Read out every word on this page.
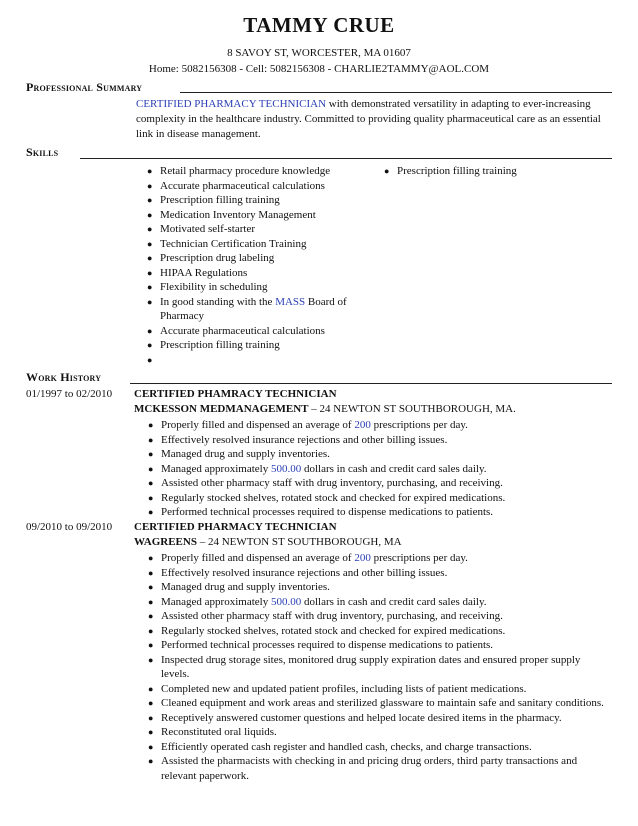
TAMMY CRUE
8 SAVOY ST, WORCESTER, MA 01607
Home: 5082156308 - Cell: 5082156308 - CHARLIE2TAMMY@AOL.COM
Professional Summary
CERTIFIED PHARMACY TECHNICIAN with demonstrated versatility in adapting to ever-increasing complexity in the healthcare industry. Committed to providing quality pharmaceutical care as an essential link in disease management.
Skills
● Retail pharmacy procedure knowledge
● Accurate pharmaceutical calculations
● Prescription filling training
● Medication Inventory Management
● Motivated self-starter
● Technician Certification Training
● Prescription drug labeling
● HIPAA Regulations
● Flexibility in scheduling
● In good standing with the MASS Board of Pharmacy
● Accurate pharmaceutical calculations
● Prescription filling training
● Prescription filling training
Work History
01/1997 to 02/2010 CERTIFIED PHAMRACY TECHNICIAN
MCKESSON MEDMANAGEMENT – 24 NEWTON ST SOUTHBOROUGH, MA.
● Properly filled and dispensed an average of 200 prescriptions per day.
● Effectively resolved insurance rejections and other billing issues.
● Managed drug and supply inventories.
● Managed approximately 500.00 dollars in cash and credit card sales daily.
● Assisted other pharmacy staff with drug inventory, purchasing, and receiving.
● Regularly stocked shelves, rotated stock and checked for expired medications.
● Performed technical processes required to dispense medications to patients.
09/2010 to 09/2010 CERTIFIED PHARMACY TECHNICIAN
WAGREENS – 24 NEWTON ST SOUTHBOROUGH, MA
● Properly filled and dispensed an average of 200 prescriptions per day.
● Effectively resolved insurance rejections and other billing issues.
● Managed drug and supply inventories.
● Managed approximately 500.00 dollars in cash and credit card sales daily.
● Assisted other pharmacy staff with drug inventory, purchasing, and receiving.
● Regularly stocked shelves, rotated stock and checked for expired medications.
● Performed technical processes required to dispense medications to patients.
● Inspected drug storage sites, monitored drug supply expiration dates and ensured proper supply levels.
● Completed new and updated patient profiles, including lists of patient medications.
● Cleaned equipment and work areas and sterilized glassware to maintain safe and sanitary conditions.
● Receptively answered customer questions and helped locate desired items in the pharmacy.
● Reconstituted oral liquids.
● Efficiently operated cash register and handled cash, checks, and charge transactions.
● Assisted the pharmacists with checking in and pricing drug orders, third party transactions and relevant paperwork.
